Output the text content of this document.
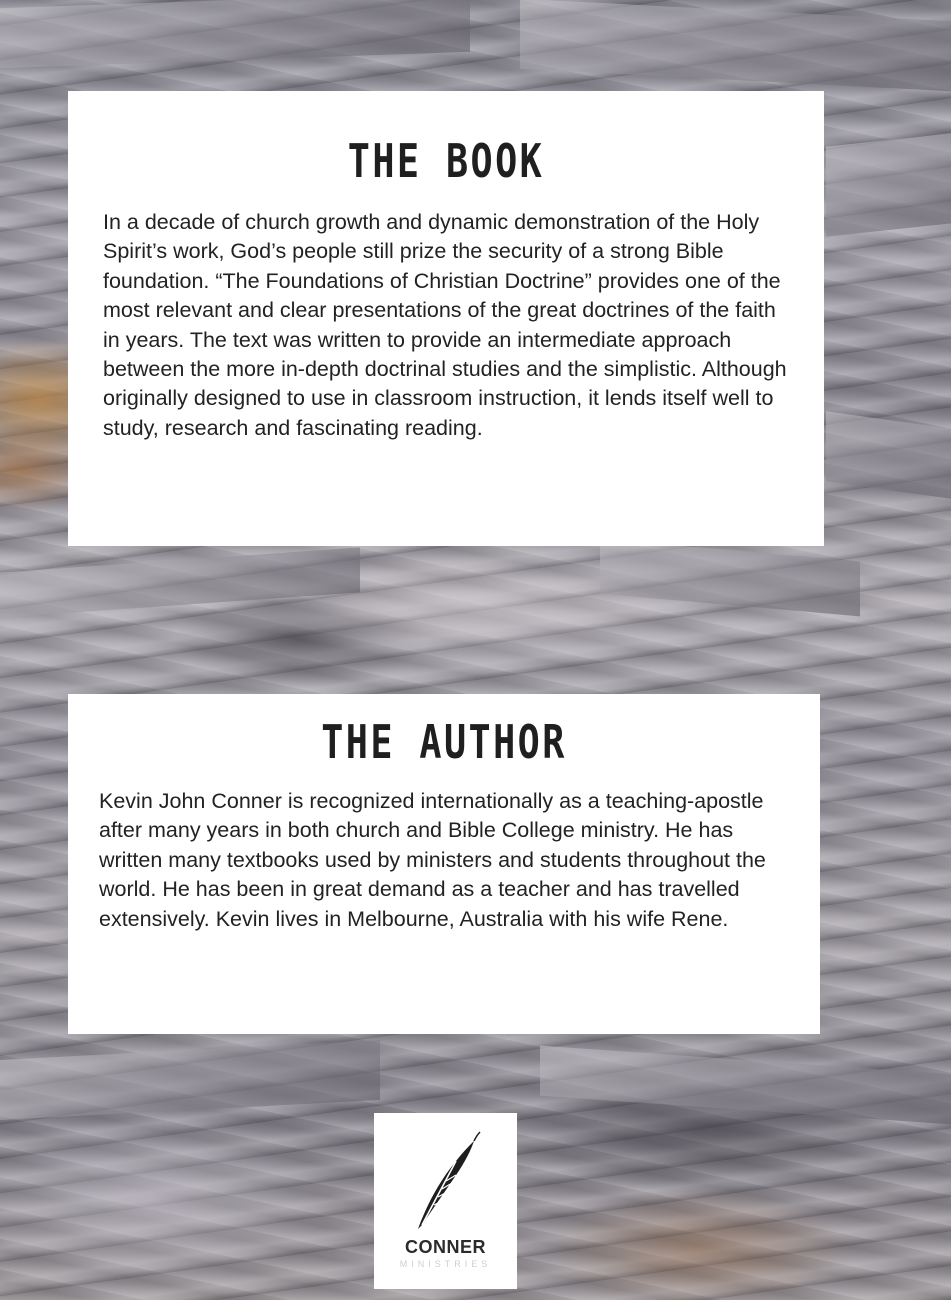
THE BOOK

In a decade of church growth and dynamic demonstration of the Holy Spirit’s work, God’s people still prize the security of a strong Bible foundation. “The Foundations of Christian Doctrine” provides one of the most relevant and clear presentations of the great doctrines of the faith in years. The text was written to provide an intermediate approach between the more in-depth doctrinal studies and the simplistic. Although originally designed to use in classroom instruction, it lends itself well to study, research and fascinating reading.

THE AUTHOR

Kevin John Conner is recognized internationally as a teaching-apostle after many years in both church and Bible College ministry. He has written many textbooks used by ministers and students throughout the world. He has been in great demand as a teacher and has travelled extensively. Kevin lives in Melbourne, Australia with his wife Rene.

CONNER
MINISTRIES
